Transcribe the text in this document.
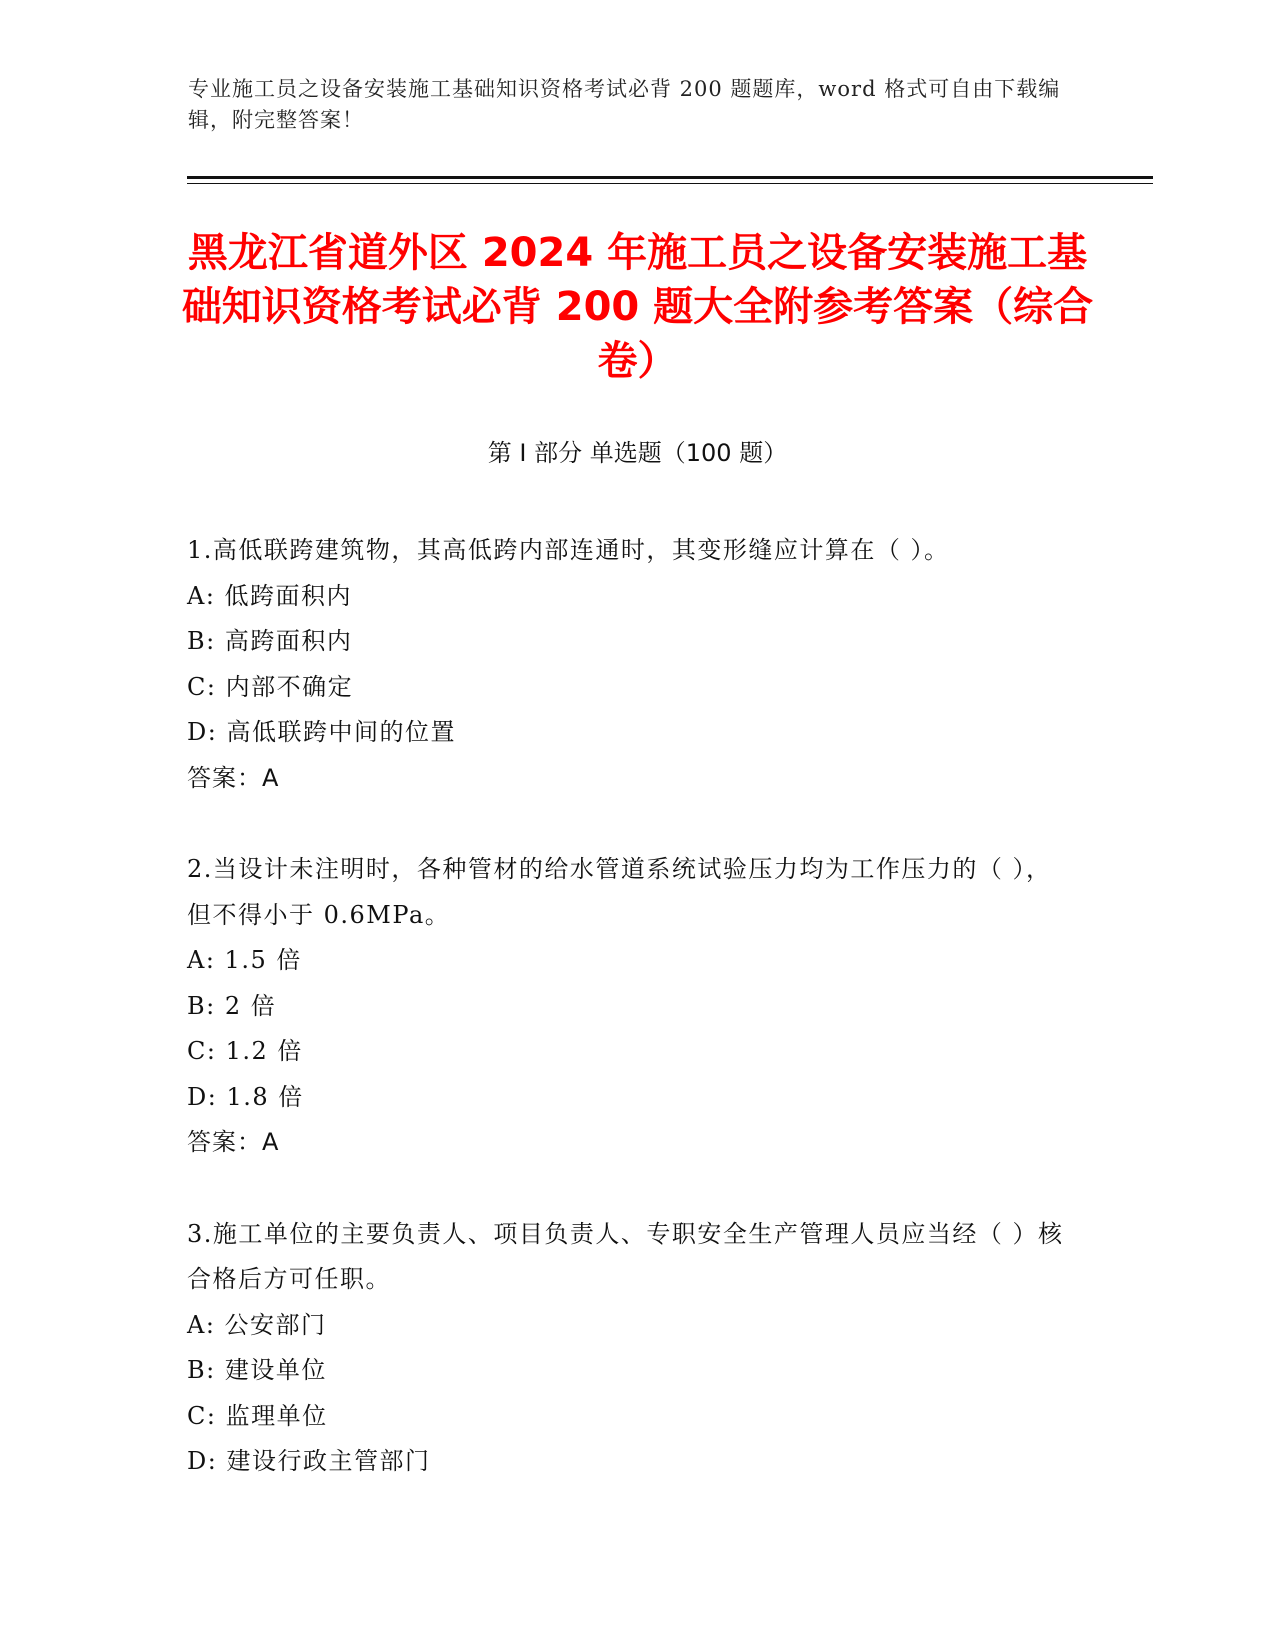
专业施工员之设备安装施工基础知识资格考试必背 200 题题库，word 格式可自由下载编辑，附完整答案！
黑龙江省道外区 2024 年施工员之设备安装施工基础知识资格考试必背 200 题大全附参考答案（综合卷）
第 I 部分 单选题（100 题）
1.高低联跨建筑物，其高低跨内部连通时，其变形缝应计算在（ ）。
A: 低跨面积内
B: 高跨面积内
C: 内部不确定
D: 高低联跨中间的位置
答案：A
2.当设计未注明时，各种管材的给水管道系统试验压力均为工作压力的（ ），但不得小于 0.6MPa。
A: 1.5 倍
B: 2 倍
C: 1.2 倍
D: 1.8 倍
答案：A
3.施工单位的主要负责人、项目负责人、专职安全生产管理人员应当经（ ）核合格后方可任职。
A: 公安部门
B: 建设单位
C: 监理单位
D: 建设行政主管部门
